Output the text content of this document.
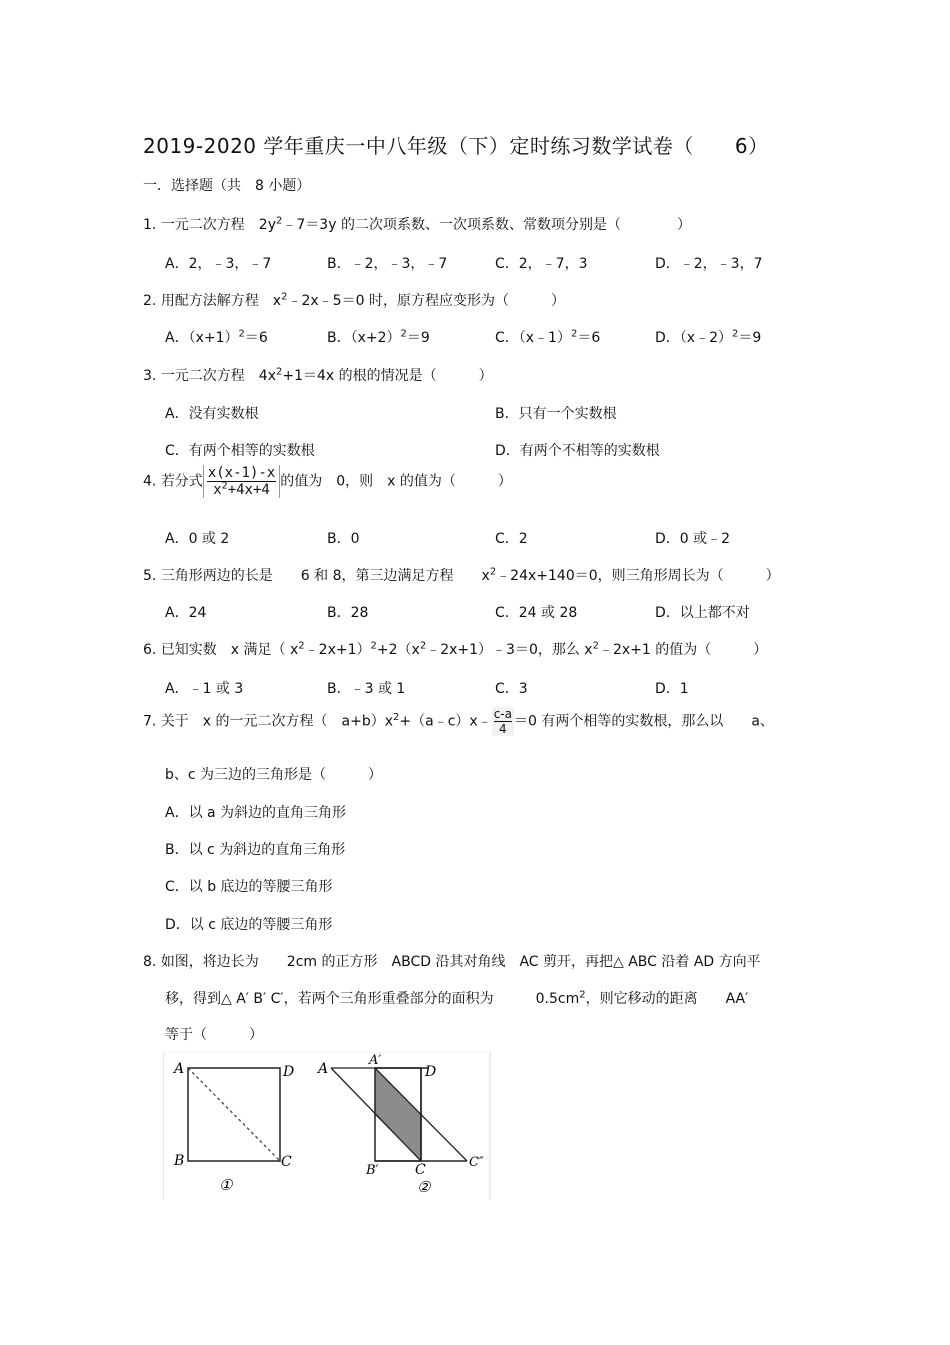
2019-2020 学年重庆一中八年级（下）定时练习数学试卷（　　6）
一．选择题（共　8 小题）
1. 一元二次方程　$2y^2﹣7=3y$ 的二次项系数、一次项系数、常数项分别是（　　　　）
A．2，﹣3，﹣7	B．﹣2，﹣3，﹣7	C．2，﹣7，3	D．﹣2，﹣3，7
2. 用配方法解方程　$x^2﹣2x﹣5=0$ 时，原方程应变形为（　　　）
A．$(x+1)^2=6$	B．$(x+2)^2=9$	C．（x﹣1）$^2$＝6	D．（x﹣2）$^2$＝9
3. 一元二次方程　$4x^2+1=4x$ 的根的情况是（　　　）
A．没有实数根	B．只有一个实数根
C．有两个相等的实数根	D．有两个不相等的实数根
4. 若分式 $\frac{x(x-1)-x}{x^2+4x+4}$ 的值为　0，则　x 的值为（　　　）
A．0 或 2	B．0	C．2	D．0 或﹣2
5. 三角形两边的长是　　6 和 8，第三边满足方程　　$x^2﹣24x+140=0$，则三角形周长为（　　　）
A．24	B．28	C．24 或 28	D．以上都不对
6. 已知实数　x 满足（ $x^2﹣2x+1)^2+2(x^2﹣2x+1)﹣3=0$，那么 $x^2﹣2x+1$ 的值为（　　　）
A．﹣1 或 3	B．﹣3 或 1	C．3	D．1
7. 关于　x 的一元二次方程（　$a+b)x^2+(a﹣c)x﹣ \frac{c-a}{4} =0$ 有两个相等的实数根，那么以　　a、
b、c 为三边的三角形是（　　　）
A．以 a 为斜边的直角三角形
B．以 c 为斜边的直角三角形
C．以 b 底边的等腰三角形
D．以 c 底边的等腰三角形
8. 如图，将边长为　　2cm 的正方形　ABCD 沿其对角线　AC 剪开，再把△ ABC 沿着 AD 方向平
移，得到△ A′ B′ C′，若两个三角形重叠部分的面积为　　　$0.5cm^2$，则它移动的距离　　AA′
等于（　　　）
A	D
B	C
①
A
A′
D
B′	C	C″
②
